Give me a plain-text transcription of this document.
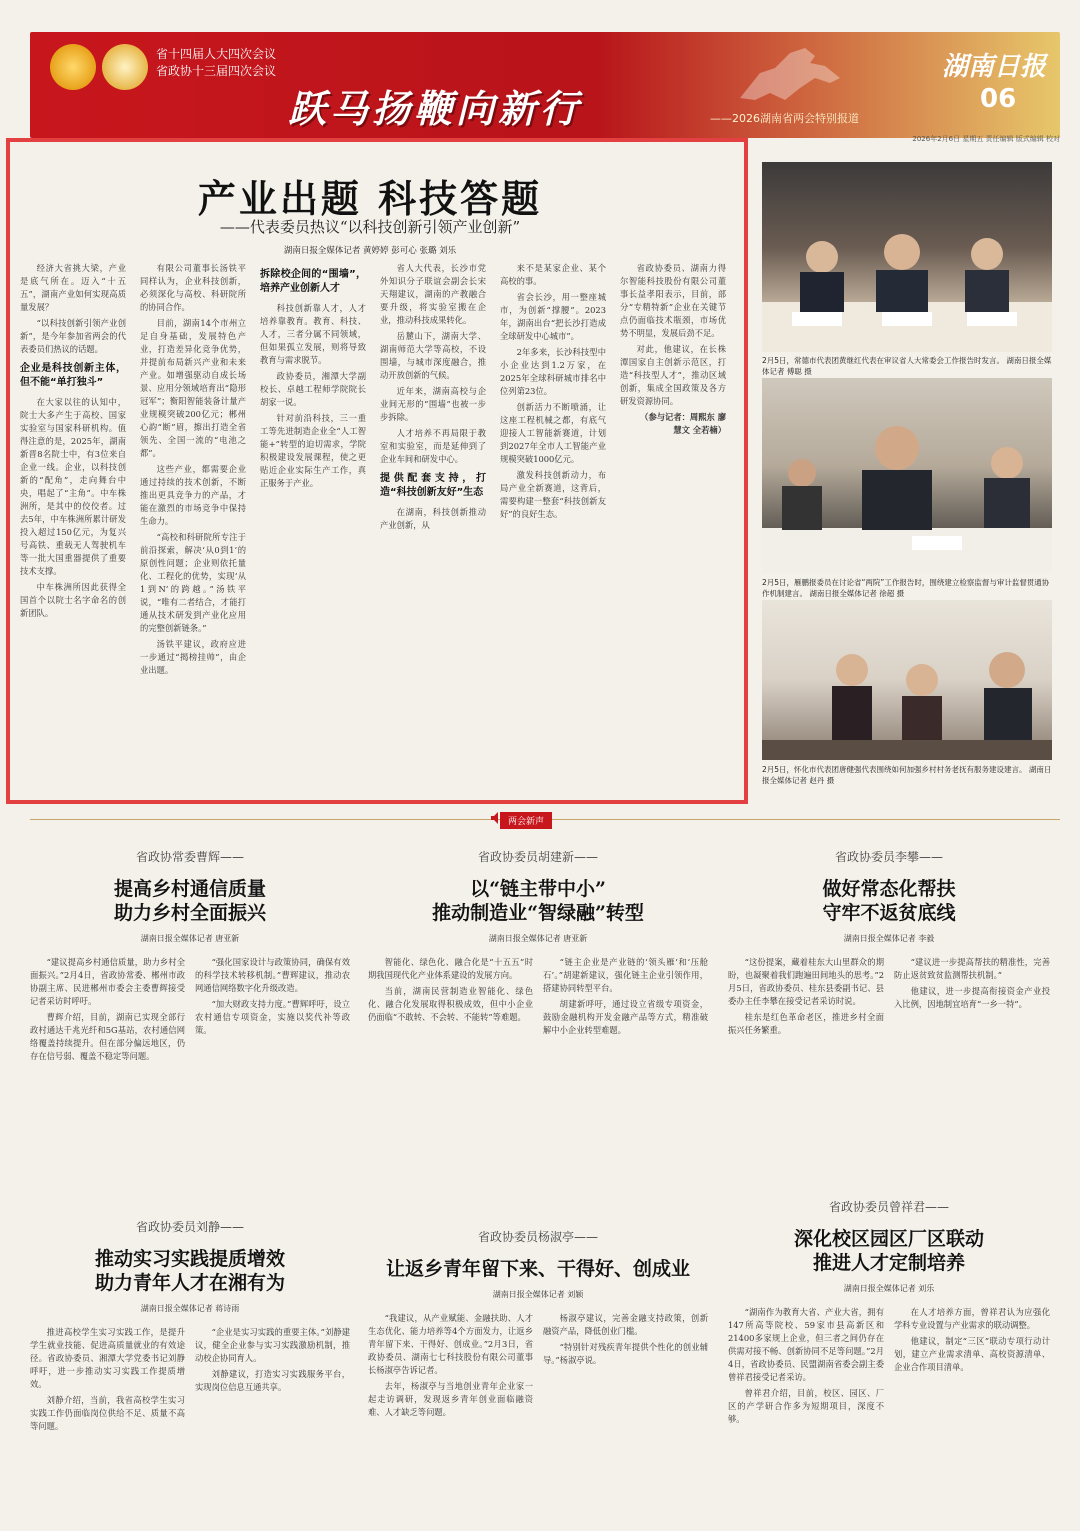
省十四届人大四次会议
省政协十三届四次会议
跃马扬鞭向新行	——2026湖南省两会特别报道
湖南日报
06
2026年2月6日 星期五 责任编辑 版式编辑 校对
产业出题 科技答题
——代表委员热议“以科技创新引领产业创新”
湖南日报全媒体记者 黄婷婷 彭可心 张璐 刘乐

经济大省挑大梁，产业是底气所在。迈入“十五五”，湖南产业如何实现高质量发展？

“以科技创新引领产业创新”，是今年参加省两会的代表委员们热议的话题。

企业是科技创新主体，但不能“单打独斗”

在大家以往的认知中，院士大多产生于高校、国家实验室与国家科研机构。值得注意的是，2025年，湖南新晋8名院士中，有3位来自企业一线。企业，以科技创新的“配角”，走向舞台中央，唱起了“主角”。中车株洲所，是其中的佼佼者。过去5年，中车株洲所累计研发投入超过150亿元，为复兴号高铁、重载无人驾驶机车等一批大国重器提供了重要技术支撑。

中车株洲所因此获得全国首个以院士名字命名的创新团队。

有限公司董事长汤铁平同样认为，企业科技创新，必须深化与高校、科研院所的协同合作。

目前，湖南14个市州立足自身基础，发展特色产业，打造差异化竞争优势，并提前布局新兴产业和未来产业。如增强驱动自成长场景、应用分领域培育出“隐形冠军”；衡阳智能装备计量产业规模突破200亿元；郴州心韵“断”眉，擦出打造全省领先、全国一流的“电池之都”。

这些产业，都需要企业通过持续的技术创新，不断推出更具竞争力的产品，才能在激烈的市场竞争中保持生命力。

“高校和科研院所专注于前沿探索，解决‘从0到1’的原创性问题；企业则依托量化、工程化的优势，实现‘从1到N’的跨越。”汤铁平说，“唯有二者结合，才能打通从技术研发到产业化应用的完整创新链条。”

汤铁平建议，政府应进一步通过“揭榜挂帅”，由企业出题。

拆除校企间的“围墙”，培养产业创新人才

科技创新靠人才，人才培养靠教育。教育、科技、人才，三者分属不同领域，但如果孤立发展，则将导致教育与需求脱节。

政协委员，湘潭大学副校长、卓越工程师学院院长胡家一说。

针对前沿科技，三一重工等先进制造企业全“人工智能+”转型的迫切需求，学院积极建设发展课程，使之更贴近企业实际生产工作，真正服务于产业。

省人大代表，长沙市党外知识分子联谊会副会长宋天翔建议，湖南的产教融合要升级，将实验室搬在企业，推动科技成果转化。

岳麓山下，湖南大学、湖南师范大学等高校，不设围墙，与城市深度融合，推动开放创新的气候。

近年来，湖南高校与企业间无形的“围墙”也被一步步拆除。

人才培养不再局限于教室和实验室，而是延伸到了企业车间和研发中心。

提供配套支持，打造“科技创新友好”生态

在湖南，科技创新推动产业创新，从

来不是某家企业、某个高校的事。

省会长沙，用一整座城市，为创新“撑腰”。2023年，湖南出台“把长沙打造成全球研发中心城市”。

2年多来，长沙科技型中小企业达到1.2万家，在2025年全球科研城市排名中位列第23位。

创新活力不断喷涌，让这座工程机械之都，有底气迎接人工智能新赛道，计划到2027年全市人工智能产业规模突破1000亿元。

激发科技创新动力，布局产业全新赛道，这背后，需要构建一整套“科技创新友好”的良好生态。

省政协委员、湖南力得尔智能科技股份有限公司董事长益孝阳表示，目前，部分“专精特新”企业在关键节点仍面临技术瓶颈，市场优势不明显，发展后劲不足。

对此，他建议，在长株潭国家自主创新示范区，打造“科技型人才”，推动区域创新，集成全国政策及各方研发资源协同。

（参与记者：周熙东 廖慧文 全若楠）

2月5日，常德市代表团黄继红代表在审议省人大常委会工作报告时发言。 湖南日报全媒体记者 傅聪 摄
2月5日，雁鹏报委员在讨论省“两院”工作报告时，围绕建立检察监督与审计监督贯通协作机制建言。 湖南日报全媒体记者 徐超 摄
2月5日，怀化市代表团唐健强代表围绕如何加强乡村村务老抚有服务建设建言。 湖南日报全媒体记者 赵丹 摄
两会新声
省政协常委曹辉——
提高乡村通信质量
助力乡村全面振兴
湖南日报全媒体记者 唐亚新

“建议提高乡村通信质量，助力乡村全面振兴。”2月4日，省政协常委、郴州市政协副主席、民进郴州市委会主委曹辉接受记者采访时呼吁。

曹辉介绍，目前，湖南已实现全部行政村通达千兆光纤和5G基站，农村通信网络覆盖持续提升。但在部分偏远地区，仍存在信号弱、覆盖不稳定等问题。

“强化国家设计与政策协同，确保有效的科学技术转移机制。”曹辉建议，推动农网通信网络数字化升级改造。

“加大财政支持力度。”曹辉呼吁，设立农村通信专项资金，实施以奖代补等政策。

省政协委员胡建新——
以“链主带中小”
推动制造业“智绿融”转型
湖南日报全媒体记者 唐亚新

智能化、绿色化、融合化是“十五五”时期我国现代化产业体系建设的发展方向。

当前，湖南民营制造业智能化、绿色化、融合化发展取得积极成效，但中小企业仍面临“不敢转、不会转、不能转”等难题。

“链主企业是产业链的‘领头雁’和‘压舱石’。”胡建新建议，强化链主企业引领作用，搭建协同转型平台。

胡建新呼吁，通过设立省级专项资金，鼓励金融机构开发金融产品等方式，精准破解中小企业转型难题。

省政协委员李攀——
做好常态化帮扶
守牢不返贫底线
湖南日报全媒体记者 李毅

“这份提案，藏着桂东大山里群众的期盼，也凝聚着我们跑遍田间地头的思考。”2月5日，省政协委员、桂东县委副书记、县委办主任李攀在接受记者采访时说。

桂东是红色革命老区，推进乡村全面振兴任务繁重。

“建议进一步提高帮扶的精准性，完善防止返贫致贫监测帮扶机制。”

他建议，进一步提高衔接资金产业投入比例，因地制宜培育“一乡一特”。

省政协委员刘静——
推动实习实践提质增效
助力青年人才在湘有为
湖南日报全媒体记者 蒋诗雨

推进高校学生实习实践工作，是提升学生就业技能、促进高质量就业的有效途径。省政协委员、湘潭大学党委书记刘静呼吁，进一步推动实习实践工作提质增效。

刘静介绍，当前，我省高校学生实习实践工作仍面临岗位供给不足、质量不高等问题。

“企业是实习实践的重要主体。”刘静建议，健全企业参与实习实践激励机制，推动校企协同育人。

刘静建议，打造实习实践服务平台，实现岗位信息互通共享。

省政协委员杨淑亭——
让返乡青年留下来、干得好、创成业
湖南日报全媒体记者 刘颖

“我建议，从产业赋能、金融扶助、人才生态优化、能力培养等4个方面发力，让返乡青年留下来、干得好、创成业。”2月3日，省政协委员、湖南七七科技股份有限公司董事长杨淑亭告诉记者。

去年，杨淑亭与当地创业青年企业家一起走访调研，发现返乡青年创业面临融资难、人才缺乏等问题。

杨淑亭建议，完善金融支持政策，创新融资产品，降低创业门槛。

“特别针对残疾青年提供个性化的创业辅导。”杨淑亭说。

省政协委员曾祥君——
深化校区园区厂区联动
推进人才定制培养
湖南日报全媒体记者 刘乐

“湖南作为教育大省、产业大省，拥有147所高等院校、59家市县高新区和21400多家规上企业，但三者之间仍存在供需对接不畅、创新协同不足等问题。”2月4日，省政协委员、民盟湖南省委会副主委曾祥君接受记者采访。

曾祥君介绍，目前，校区、园区、厂区的产学研合作多为短期项目，深度不够。

在人才培养方面，曾祥君认为应强化学科专业设置与产业需求的联动调整。

他建议，制定“三区”联动专项行动计划，建立产业需求清单、高校资源清单、企业合作项目清单。
